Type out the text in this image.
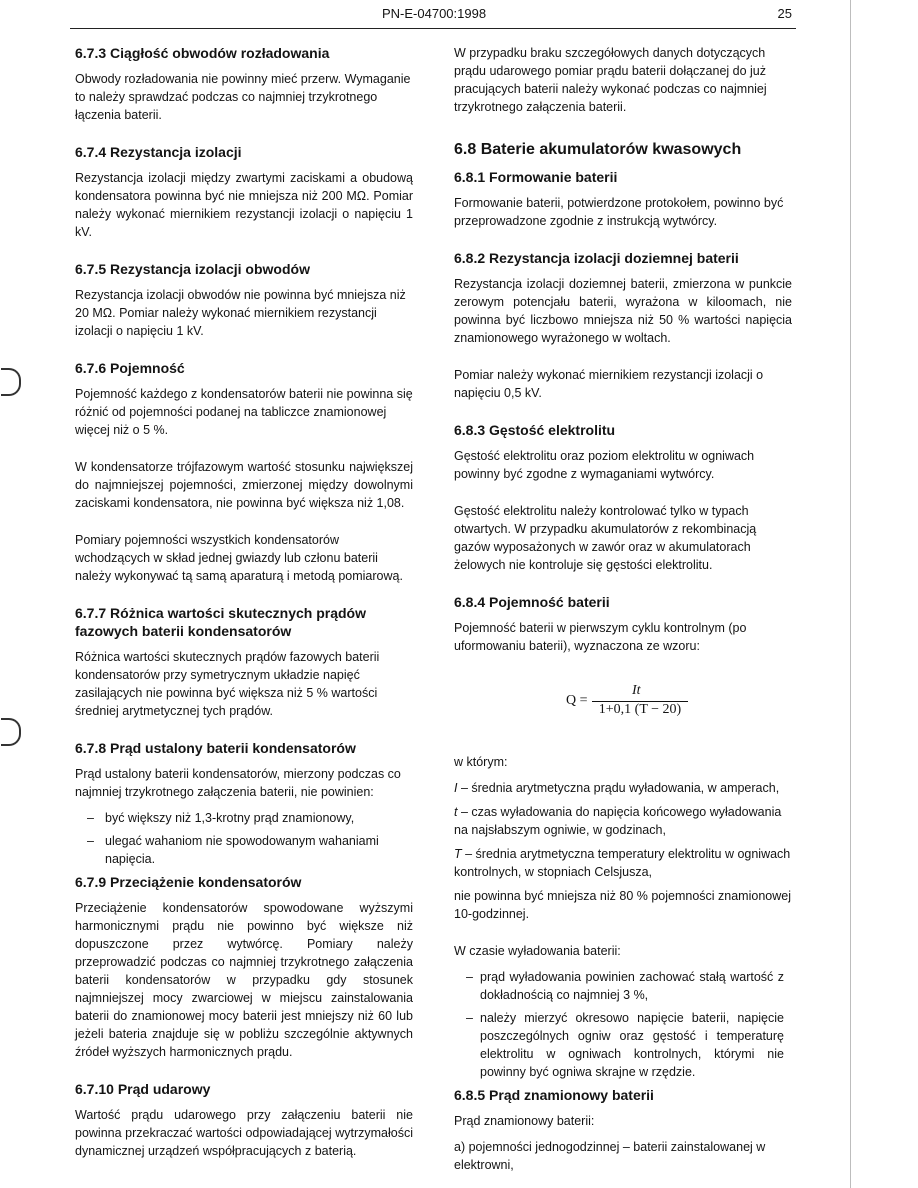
PN-E-04700:1998	25
6.7.3 Ciągłość obwodów rozładowania

Obwody rozładowania nie powinny mieć przerw. Wymaganie to należy sprawdzać podczas co najmniej trzykrotnego łączenia baterii.

6.7.4 Rezystancja izolacji

Rezystancja izolacji między zwartymi zaciskami a obudową kondensatora powinna być nie mniejsza niż 200 MΩ. Pomiar należy wykonać miernikiem rezystancji izolacji o napięciu 1 kV.

6.7.5 Rezystancja izolacji obwodów

Rezystancja izolacji obwodów nie powinna być mniejsza niż 20 MΩ. Pomiar należy wykonać miernikiem rezystancji izolacji o napięciu 1 kV.

6.7.6 Pojemność

Pojemność każdego z kondensatorów baterii nie powinna się różnić od pojemności podanej na tabliczce znamionowej więcej niż o 5 %.

W kondensatorze trójfazowym wartość stosunku największej do najmniejszej pojemności, zmierzonej między dowolnymi zaciskami kondensatora, nie powinna być większa niż 1,08.

Pomiary pojemności wszystkich kondensatorów wchodzących w skład jednej gwiazdy lub członu baterii należy wykonywać tą samą aparaturą i metodą pomiarową.

6.7.7 Różnica wartości skutecznych prądów fazowych baterii kondensatorów

Różnica wartości skutecznych prądów fazowych baterii kondensatorów przy symetrycznym układzie napięć zasilających nie powinna być większa niż 5 % wartości średniej arytmetycznej tych prądów.

6.7.8 Prąd ustalony baterii kondensatorów

Prąd ustalony baterii kondensatorów, mierzony podczas co najmniej trzykrotnego załączenia baterii, nie powinien:

– być większy niż 1,3-krotny prąd znamionowy,
– ulegać wahaniom nie spowodowanym wahaniami napięcia.
6.7.9 Przeciążenie kondensatorów

Przeciążenie kondensatorów spowodowane wyższymi harmonicznymi prądu nie powinno być większe niż dopuszczone przez wytwórcę. Pomiary należy przeprowadzić podczas co najmniej trzykrotnego załączenia baterii kondensatorów w przypadku gdy stosunek najmniejszej mocy zwarciowej w miejscu zainstalowania baterii do znamionowej mocy baterii jest mniejszy niż 60 lub jeżeli bateria znajduje się w pobliżu szczególnie aktywnych źródeł wyższych harmonicznych prądu.

6.7.10 Prąd udarowy

Wartość prądu udarowego przy załączeniu baterii nie powinna przekraczać wartości odpowiadającej wytrzymałości dynamicznej urządzeń współpracujących z baterią.

W przypadku braku szczegółowych danych dotyczących prądu udarowego pomiar prądu baterii dołączanej do już pracujących baterii należy wykonać podczas co najmniej trzykrotnego załączenia baterii.

6.8 Baterie akumulatorów kwasowych
6.8.1 Formowanie baterii

Formowanie baterii, potwierdzone protokołem, powinno być przeprowadzone zgodnie z instrukcją wytwórcy.

6.8.2 Rezystancja izolacji doziemnej baterii

Rezystancja izolacji doziemnej baterii, zmierzona w punkcie zerowym potencjału baterii, wyrażona w kiloomach, nie powinna być liczbowo mniejsza niż 50 % wartości napięcia znamionowego wyrażonego w woltach.

Pomiar należy wykonać miernikiem rezystancji izolacji o napięciu 0,5 kV.

6.8.3 Gęstość elektrolitu

Gęstość elektrolitu oraz poziom elektrolitu w ogniwach powinny być zgodne z wymaganiami wytwórcy.

Gęstość elektrolitu należy kontrolować tylko w typach otwartych. W przypadku akumulatorów z rekombinacją gazów wyposażonych w zawór oraz w akumulatorach żelowych nie kontroluje się gęstości elektrolitu.

6.8.4 Pojemność baterii

Pojemność baterii w pierwszym cyklu kontrolnym (po uformowaniu baterii), wyznaczona ze wzoru:

Q =
It
1+0,1 (T − 20)

w którym:

I – średnia arytmetyczna prądu wyładowania, w amperach,
t – czas wyładowania do napięcia końcowego wyładowania na najsłabszym ogniwie, w godzinach,
T – średnia arytmetyczna temperatury elektrolitu w ogniwach kontrolnych, w stopniach Celsjusza,

nie powinna być mniejsza niż 80 % pojemności znamionowej 10-godzinnej.

W czasie wyładowania baterii:

– prąd wyładowania powinien zachować stałą wartość z dokładnością co najmniej 3 %,
– należy mierzyć okresowo napięcie baterii, napięcie poszczególnych ogniw oraz gęstość i temperaturę elektrolitu w ogniwach kontrolnych, którymi nie powinny być ogniwa skrajne w rzędzie.
6.8.5 Prąd znamionowy baterii

Prąd znamionowy baterii:

a) pojemności jednogodzinnej – baterii zainstalowanej w elektrowni,
